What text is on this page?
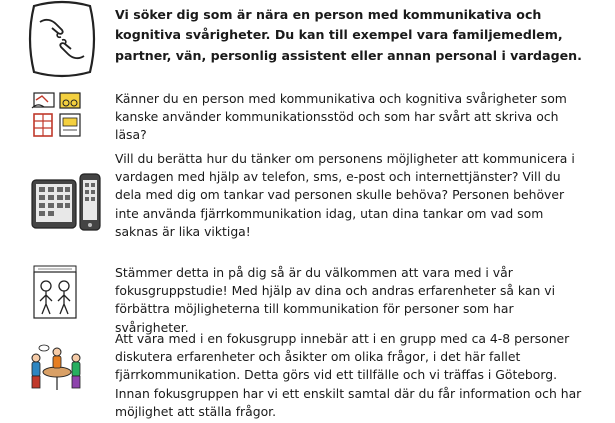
Vi söker dig som är nära en person med kommunikativa och kognitiva svårigheter. Du kan till exempel vara familjemedlem, partner, vän, personlig assistent eller annan personal i vardagen.

Känner du en person med kommunikativa och kognitiva svårigheter som kanske använder kommunikationsstöd och som har svårt att skriva och läsa?

Vill du berätta hur du tänker om personens möjligheter att kommunicera i vardagen med hjälp av telefon, sms, e-post och internettjänster? Vill du dela med dig om tankar vad personen skulle behöva? Personen behöver inte använda fjärrkommunikation idag, utan dina tankar om vad som saknas är lika viktiga!

Stämmer detta in på dig så är du välkommen att vara med i vår fokusgruppstudie! Med hjälp av dina och andras erfarenheter så kan vi förbättra möjligheterna till kommunikation för personer som har svårigheter.

Att vara med i en fokusgrupp innebär att i en grupp med ca 4-8 personer diskutera erfarenheter och åsikter om olika frågor, i det här fallet fjärrkommunikation. Detta görs vid ett tillfälle och vi träffas i Göteborg. Innan fokusgruppen har vi ett enskilt samtal där du får information och har möjlighet att ställa frågor.
